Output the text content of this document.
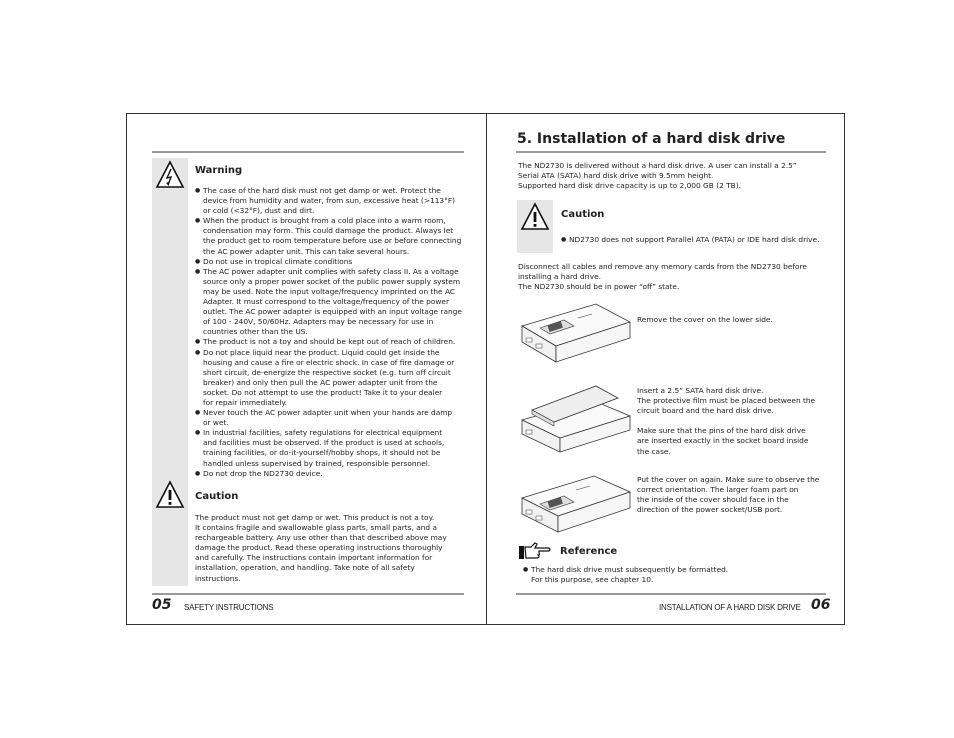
Warning
● The case of the hard disk must not get damp or wet. Protect the
device from humidity and water, from sun, excessive heat (>113°F)
or cold (<32°F), dust and dirt.
● When the product is brought from a cold place into a warm room,
condensation may form. This could damage the product. Always let
the product get to room temperature before use or before connecting
the AC power adapter unit. This can take several hours.
● Do not use in tropical climate conditions
● The AC power adapter unit complies with safety class II. As a voltage
source only a proper power socket of the public power supply system
may be used. Note the input voltage/frequency imprinted on the AC
Adapter. It must correspond to the voltage/frequency of the power
outlet. The AC power adapter is equipped with an input voltage range
of 100 - 240V, 50/60Hz. Adapters may be necessary for use in
countries other than the US.
● The product is not a toy and should be kept out of reach of children.
● Do not place liquid near the product. Liquid could get inside the
housing and cause a fire or electric shock. In case of fire damage or
short circuit, de-energize the respective socket (e.g. turn off circuit
breaker) and only then pull the AC power adapter unit from the
socket. Do not attempt to use the product! Take it to your dealer
for repair immediately.
● Never touch the AC power adapter unit when your hands are damp
or wet.
● In industrial facilities, safety regulations for electrical equipment
and facilities must be observed. If the product is used at schools,
training facilities, or do-it-yourself/hobby shops, it should not be
handled unless supervised by trained, responsible personnel.
● Do not drop the ND2730 device.
Caution
The product must not get damp or wet. This product is not a toy.
It contains fragile and swallowable glass parts, small parts, and a
rechargeable battery. Any use other than that described above may
damage the product. Read these operating instructions thoroughly
and carefully. The instructions contain important information for
installation, operation, and handling. Take note of all safety
instructions.
05 SAFETY INSTRUCTIONS
5. Installation of a hard disk drive
The ND2730 is delivered without a hard disk drive. A user can install a 2.5”
Serial ATA (SATA) hard disk drive with 9.5mm height.
Supported hard disk drive capacity is up to 2,000 GB (2 TB).
Caution
● ND2730 does not support Parallel ATA (PATA) or IDE hard disk drive.
Disconnect all cables and remove any memory cards from the ND2730 before
installing a hard drive.
The ND2730 should be in power “off” state.
Remove the cover on the lower side.
Insert a 2.5” SATA hard disk drive.
The protective film must be placed between the
circuit board and the hard disk drive.

Make sure that the pins of the hard disk drive
are inserted exactly in the socket board inside
the case.
Put the cover on again. Make sure to observe the
correct orientation. The larger foam part on
the inside of the cover should face in the
direction of the power socket/USB port.
Reference
● The hard disk drive must subsequently be formatted.
For this purpose, see chapter 10.
INSTALLATION OF A HARD DISK DRIVE 06
